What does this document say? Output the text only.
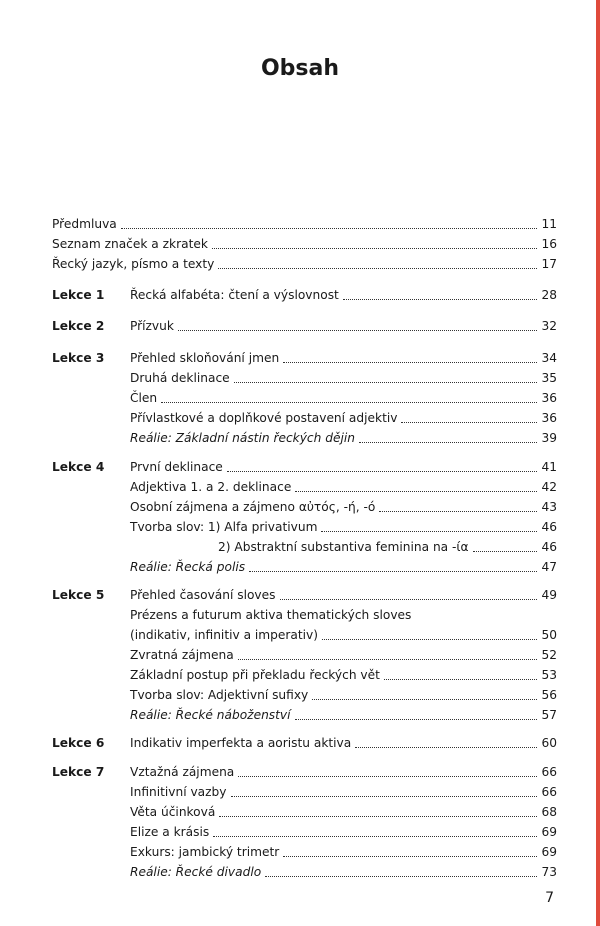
Obsah
Předmluva	11
Seznam značek a zkratek	16
Řecký jazyk, písmo a texty	17
Lekce 1 Řecká alfabéta: čtení a výslovnost	28
Lekce 2 Přízvuk	32
Lekce 3 Přehled skloňování jmen	34
Druhá deklinace	35
Člen	36
Přívlastkové a doplňkové postavení adjektiv	36
Reálie: Základní nástin řeckých dějin	39
Lekce 4 První deklinace	41
Adjektiva 1. a 2. deklinace	42
Osobní zájmena a zájmeno αὐτός, -ή, -ό	43
Tvorba slov: 1) Alfa privativum	46
2) Abstraktní substantiva feminina na -ία	46
Reálie: Řecká polis	47
Lekce 5 Přehled časování sloves	49
Prézens a futurum aktiva thematických sloves
(indikativ, infinitiv a imperativ)	50
Zvratná zájmena	52
Základní postup při překladu řeckých vět	53
Tvorba slov: Adjektivní sufixy	56
Reálie: Řecké náboženství	57
Lekce 6 Indikativ imperfekta a aoristu aktiva	60
Lekce 7 Vztažná zájmena	66
Infinitivní vazby	66
Věta účinková	68
Elize a krásis	69
Exkurs: jambický trimetr	69
Reálie: Řecké divadlo	73
7
